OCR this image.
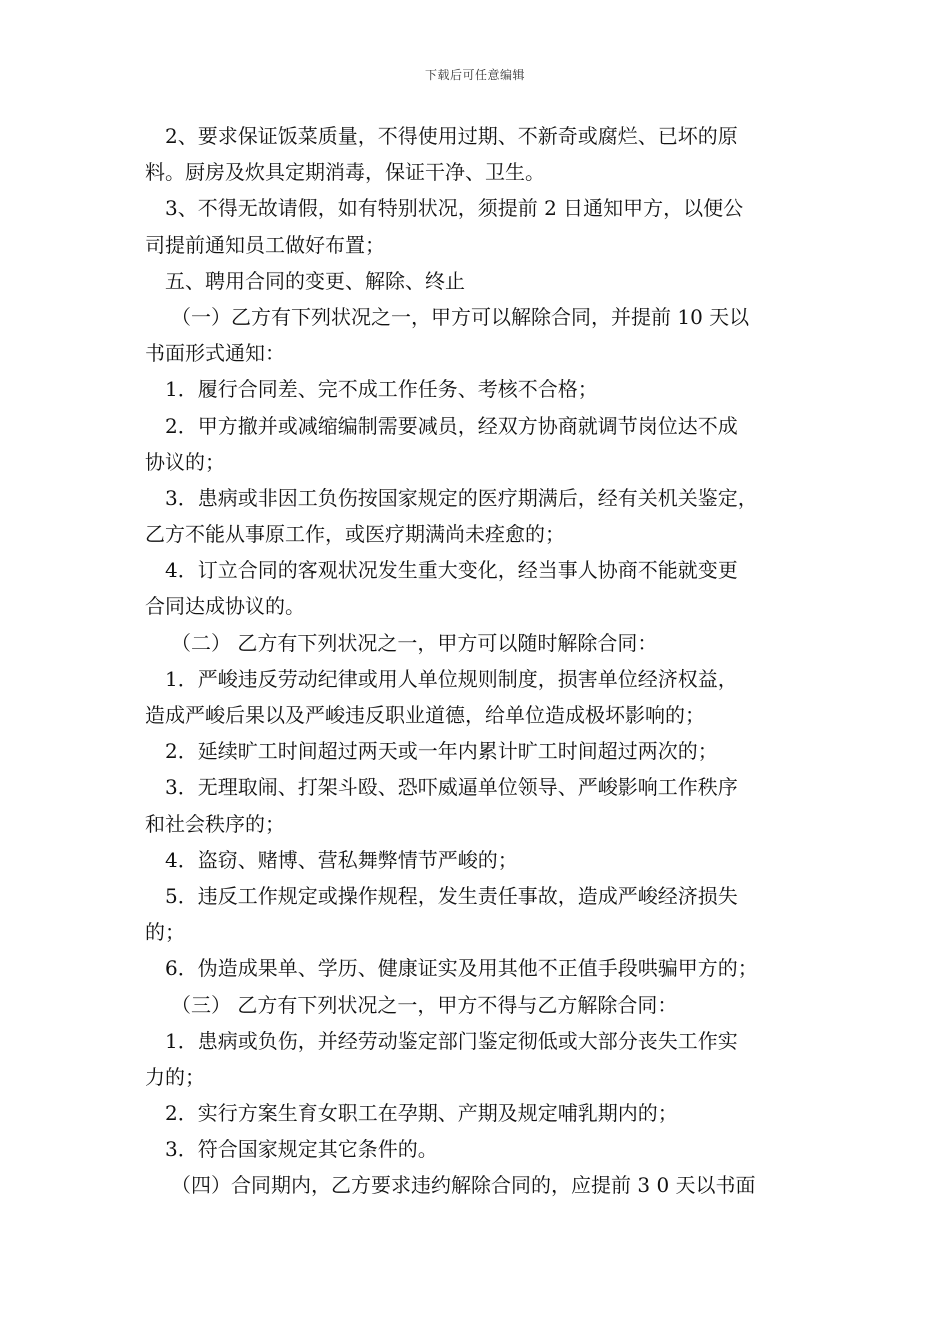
下载后可任意编辑
2、要求保证饭菜质量，不得使用过期、不新奇或腐烂、已坏的原
料。厨房及炊具定期消毒，保证干净、卫生。
3、不得无故请假，如有特别状况，须提前 2 日通知甲方，以便公
司提前通知员工做好布置；
五、聘用合同的变更、解除、终止
（一）乙方有下列状况之一，甲方可以解除合同，并提前 10 天以
书面形式通知：
1．履行合同差、完不成工作任务、考核不合格；
2．甲方撤并或减缩编制需要减员，经双方协商就调节岗位达不成
协议的；
3．患病或非因工负伤按国家规定的医疗期满后，经有关机关鉴定，
乙方不能从事原工作，或医疗期满尚未痊愈的；
4．订立合同的客观状况发生重大变化，经当事人协商不能就变更
合同达成协议的。
（二） 乙方有下列状况之一，甲方可以随时解除合同：
1．严峻违反劳动纪律或用人单位规则制度，损害单位经济权益，
造成严峻后果以及严峻违反职业道德，给单位造成极坏影响的；
2．延续旷工时间超过两天或一年内累计旷工时间超过两次的；
3．无理取闹、打架斗殴、恐吓威逼单位领导、严峻影响工作秩序
和社会秩序的；
4．盗窃、赌博、营私舞弊情节严峻的；
5．违反工作规定或操作规程，发生责任事故，造成严峻经济损失
的；
6．伪造成果单、学历、健康证实及用其他不正值手段哄骗甲方的；
（三） 乙方有下列状况之一，甲方不得与乙方解除合同：
1．患病或负伤，并经劳动鉴定部门鉴定彻低或大部分丧失工作实
力的；
2．实行方案生育女职工在孕期、产期及规定哺乳期内的；
3．符合国家规定其它条件的。
（四）合同期内，乙方要求违约解除合同的，应提前 3 0 天以书面
